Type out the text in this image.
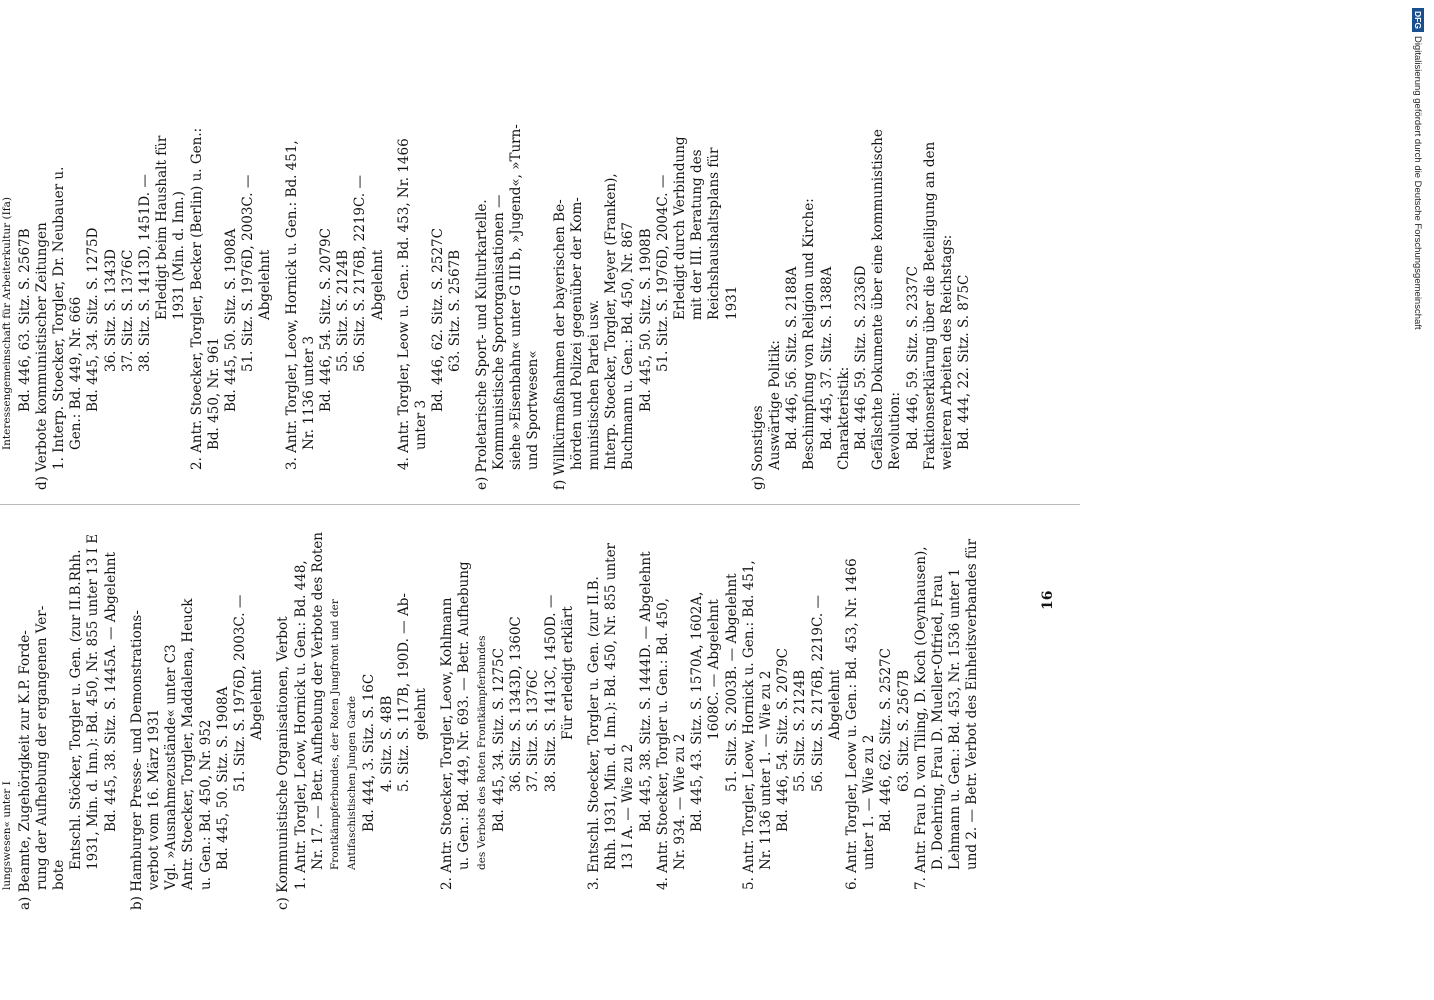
lungswesen« unter I a) Beamte, Zugehörigkeit zur K.P. Forde- rung der Aufhebung der ergangenen Ver- bote
Entschl. Stöcker, Torgler u. Gen. (zur II.B.Rhh. 1931, Min. d. Inn.): Bd. 450, Nr. 855 unter 13 I E Bd. 445, 38. Sitz. S. 1445A. — Abgelehnt b) Hamburger Presse- und Demonstrations- verbot vom 16. März 1931 Vgl. »Ausnahmezustände« unter C3 Antr. Stoecker, Torgler, Maddalena, Heuck u. Gen.: Bd. 450, Nr. 952 Bd. 445, 50. Sitz. S. 1908A 51. Sitz. S. 1976D, 2003C. — Abgelehnt c) Kommunistische Organisationen, Verbot 1. Antr. Torgler, Leow, Hornick u. Gen.: Bd. 448, Nr. 17. — Betr. Aufhebung der Verbote des Roten Frontkämpferbundes, der Roten Jungfront und der Antifaschistischen Jungen Garde Bd. 444, 3. Sitz. S. 16C 4. Sitz. S. 48B 5. Sitz. S. 117B, 190D. — Ab- gelehnt 2. Antr. Stoecker, Torgler, Leow, Kohlmann u. Gen.: Bd. 449, Nr. 693. — Betr. Aufhebung des Verbots des Roten Frontkämpferbundes Bd. 445, 34. Sitz. S. 1275C 36. Sitz. S. 1343D, 1360C 37. Sitz. S. 1376C 38. Sitz. S. 1413C, 1450D. — Für erledigt erklärt 3. Entschl. Stoecker, Torgler u. Gen. (zur II.B. Rhh. 1931, Min. d. Inn.): Bd. 450, Nr. 855 unter 13 I A. — Wie zu 2 Bd. 445, 38. Sitz. S. 1444D. — Abgelehnt 4. Antr. Stoecker, Torgler u. Gen.: Bd. 450, Nr. 934. — Wie zu 2 Bd. 445, 43. Sitz. S. 1570A, 1602A, 1608C. — Abgelehnt 51. Sitz. S. 2003B. — Abgelehnt 5. Antr. Torgler, Leow, Hornick u. Gen.: Bd. 451, Nr. 1136 unter 1. — Wie zu 2 Bd. 446, 54. Sitz. S. 2079C 55. Sitz. S. 2124B 56. Sitz. S. 2176B, 2219C. — Abgelehnt 6. Antr. Torgler, Leow u. Gen.: Bd. 453, Nr. 1466 unter 1. — Wie zu 2 Bd. 446, 62. Sitz. S. 2527C 63. Sitz. S. 2567B 7. Antr. Frau D. von Tiling, D. Koch (Oeynhausen), D. Doehring, Frau D. Mueller-Otfried, Frau Lehmann u. Gen.: Bd. 453, Nr. 1536 unter 1 und 2. — Betr. Verbot des Einheitsverbandes für
Interessengemeinschaft für Arbeiterkultur (Ifa) Bd. 446, 63. Sitz. S. 2567B d) Verbote kommunistischer Zeitungen 1. Interp. Stoecker, Torgler, Dr. Neubauer u. Gen.: Bd. 449, Nr. 666 Bd. 445, 34. Sitz. S. 1275D 36. Sitz. S. 1343D 37. Sitz. S. 1376C 38. Sitz. S. 1413D, 1451D. — Erledigt beim Haushalt für 1931 (Min. d. Inn.) 2. Antr. Stoecker, Torgler, Becker (Berlin) u. Gen.: Bd. 450, Nr. 961 Bd. 445, 50. Sitz. S. 1908A 51. Sitz. S. 1976D, 2003C. — Abgelehnt 3. Antr. Torgler, Leow, Hornick u. Gen.: Bd. 451, Nr. 1136 unter 3 Bd. 446, 54. Sitz. S. 2079C 55. Sitz. S. 2124B 56. Sitz. S. 2176B, 2219C. — Abgelehnt 4. Antr. Torgler, Leow u. Gen.: Bd. 453, Nr. 1466 unter 3
Bd. 446, 62. Sitz. S. 2527C 63. Sitz. S. 2567B e) Proletarische Sport- und Kulturkartelle. Kommunistische Sportorganisationen — siehe »Eisenbahn« unter G III b, »Jugend«, »Turn- und Sportwesen« f) Willkürmaßnahmen der bayerischen Be- hörden und Polizei gegenüber der Kom- munistischen Partei usw. Interp. Stoecker, Torgler, Meyer (Franken), Buchmann u. Gen.: Bd. 450, Nr. 867 Bd. 445, 50. Sitz. S. 1908B 51. Sitz. S. 1976D, 2004C. — Erledigt durch Verbindung mit der III. Beratung des Reichshaushaltsplans für 1931
g) Sonstiges Auswärtige Politik: Bd. 446, 56. Sitz. S. 2188A Beschimpfung von Religion und Kirche: Bd. 445, 37. Sitz. S. 1388A Charakteristik: Bd. 446, 59. Sitz. S. 2336D Gefälschte Dokumente über eine kommunistische Revolution: Bd. 446, 59. Sitz. S. 2337C Fraktionserklärung über die Beteiligung an den weiteren Arbeiten des Reichstags: Bd. 444, 22. Sitz. S. 875C
16
DFGDigitalisierung gefördert durch die Deutsche Forschungsgemeinschaft
